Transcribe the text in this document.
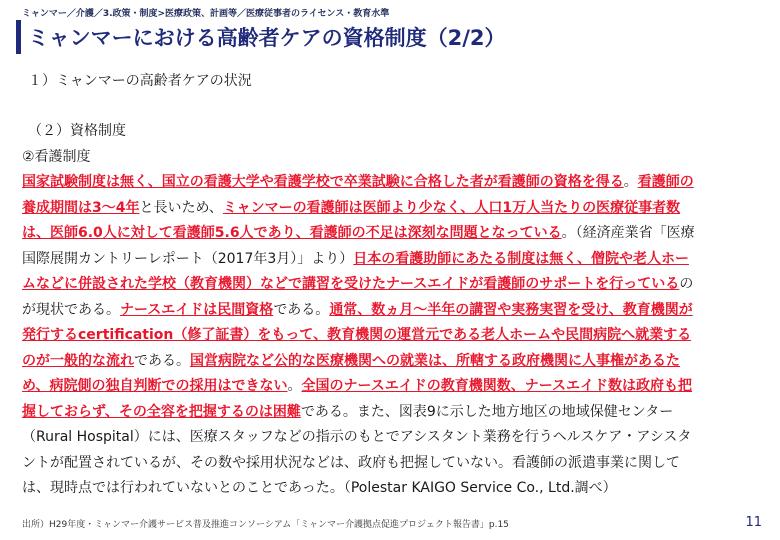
ミャンマー／介護／3.政策・制度>医療政策、計画等／医療従事者のライセンス・教育水準
ミャンマーにおける高齢者ケアの資格制度（2/2）
１）ミャンマーの高齢者ケアの状況
（２）資格制度
②看護制度
国家試験制度は無く、国立の看護大学や看護学校で卒業試験に合格した者が看護師の資格を得る。看護師の養成期間は3～4年と長いため、ミャンマーの看護師は医師より少なく、人口1万人当たりの医療従事者数は、医師6.0人に対して看護師5.6人であり、看護師の不足は深刻な問題となっている。（経済産業省「医療国際展開カントリーレポート（2017年3月）」より）日本の看護助師にあたる制度は無く、僧院や老人ホームなどに併設された学校（教育機関）などで講習を受けたナースエイドが看護師のサポートを行っているのが現状である。ナースエイドは民間資格である。通常、数ヵ月～半年の講習や実務実習を受け、教育機関が発行するcertification（修了証書）をもって、教育機関の運営元である老人ホームや民間病院へ就業するのが一般的な流れである。国営病院など公的な医療機関への就業は、所轄する政府機関に人事権があるため、病院側の独自判断での採用はできない。全国のナースエイドの教育機関数、ナースエイド数は政府も把握しておらず、その全容を把握するのは困難である。また、図表9に示した地方地区の地域保健センター（Rural Hospital）には、医療スタッフなどの指示のもとでアシスタント業務を行うヘルスケア・アシスタントが配置されているが、その数や採用状況などは、政府も把握していない。看護師の派遣事業に関しては、現時点では行われていないとのことであった。（Polestar KAIGO Service Co., Ltd.調べ）
出所）H29年度・ミャンマー介護サービス普及推進コンソーシアム「ミャンマー介護拠点促進プロジェクト報告書」p.15	11
